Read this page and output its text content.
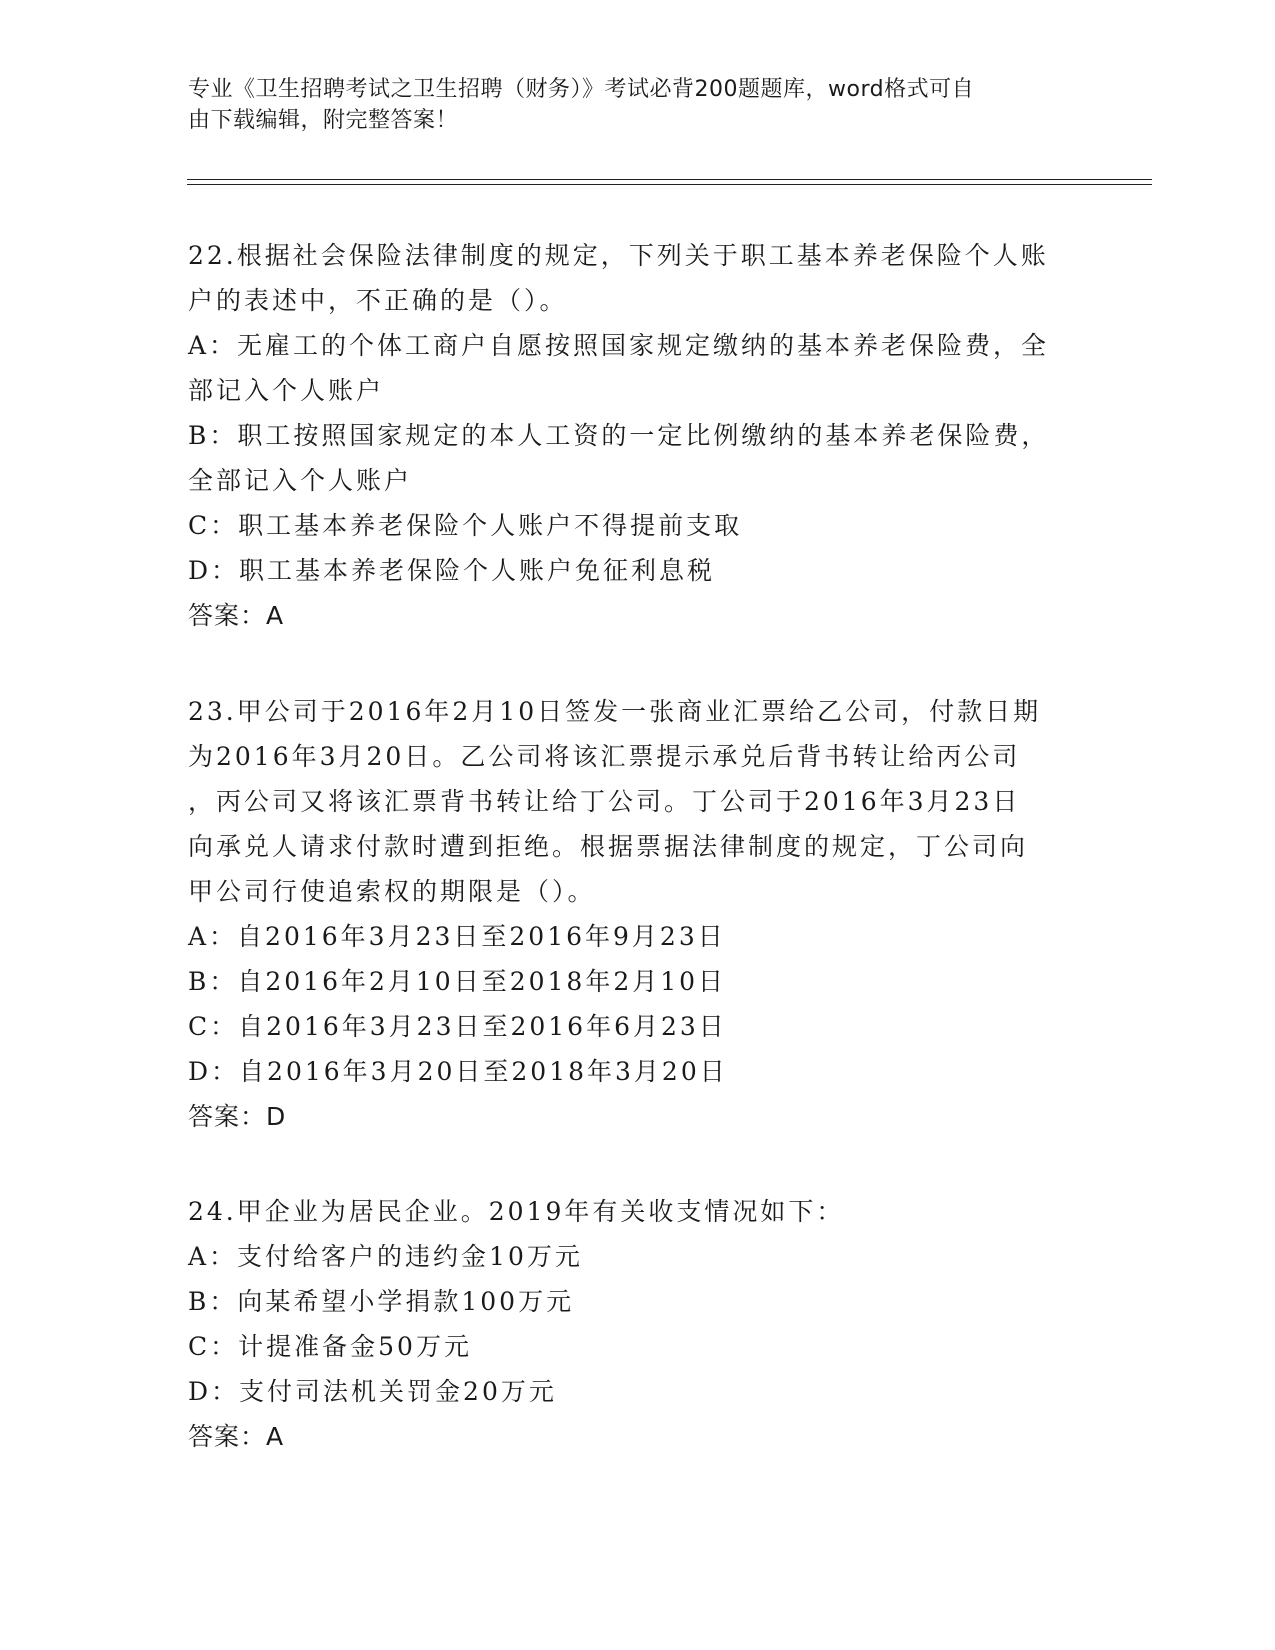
专业《卫生招聘考试之卫生招聘（财务）》考试必背200题题库，word格式可自
由下载编辑，附完整答案！
22.根据社会保险法律制度的规定，下列关于职工基本养老保险个人账
户的表述中，不正确的是（）。
A：无雇工的个体工商户自愿按照国家规定缴纳的基本养老保险费，全
部记入个人账户
B：职工按照国家规定的本人工资的一定比例缴纳的基本养老保险费，
全部记入个人账户
C：职工基本养老保险个人账户不得提前支取
D：职工基本养老保险个人账户免征利息税
答案：A
23.甲公司于2016年2月10日签发一张商业汇票给乙公司，付款日期
为2016年3月20日。乙公司将该汇票提示承兑后背书转让给丙公司
，丙公司又将该汇票背书转让给丁公司。丁公司于2016年3月23日
向承兑人请求付款时遭到拒绝。根据票据法律制度的规定，丁公司向
甲公司行使追索权的期限是（）。
A：自2016年3月23日至2016年9月23日
B：自2016年2月10日至2018年2月10日
C：自2016年3月23日至2016年6月23日
D：自2016年3月20日至2018年3月20日
答案：D
24.甲企业为居民企业。2019年有关收支情况如下：
A：支付给客户的违约金10万元
B：向某希望小学捐款100万元
C：计提准备金50万元
D：支付司法机关罚金20万元
答案：A
